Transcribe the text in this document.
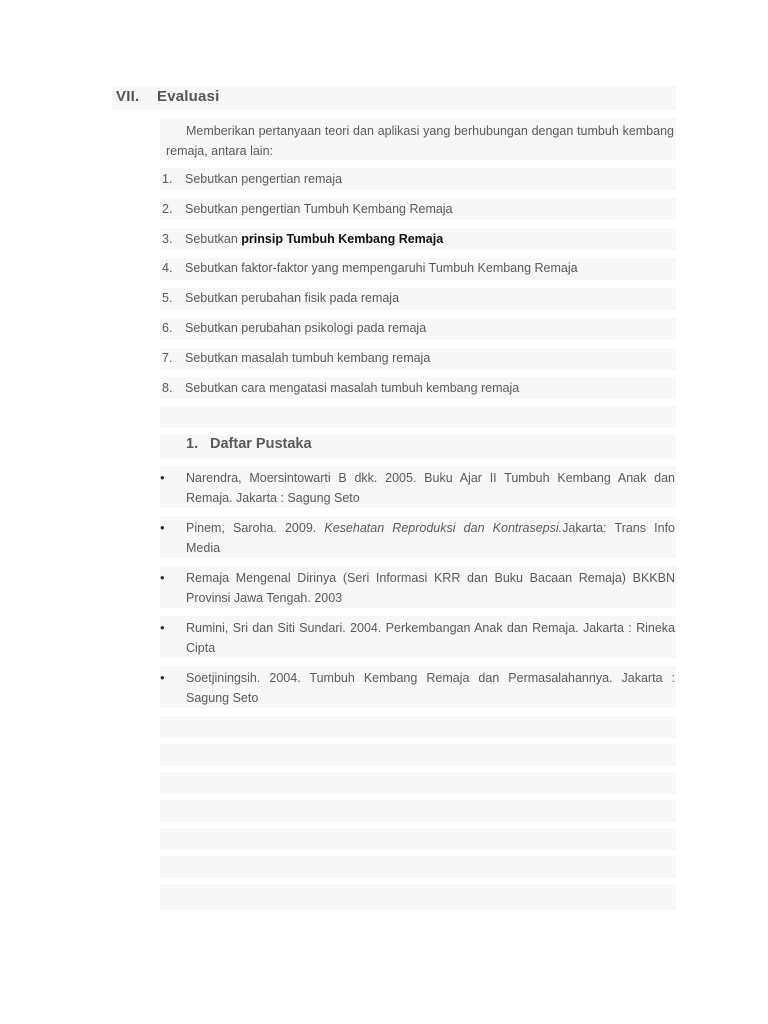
VII. Evaluasi
Memberikan pertanyaan teori dan aplikasi yang berhubungan dengan tumbuh kembang remaja, antara lain:
1.	Sebutkan pengertian remaja
2.	Sebutkan pengertian Tumbuh Kembang Remaja
3.	Sebutkan prinsip Tumbuh Kembang Remaja
4.	Sebutkan faktor-faktor yang mempengaruhi Tumbuh Kembang Remaja
5.	Sebutkan perubahan fisik pada remaja
6.	Sebutkan perubahan psikologi pada remaja
7.	Sebutkan masalah tumbuh kembang remaja
8.	Sebutkan cara mengatasi masalah tumbuh kembang remaja
1. Daftar Pustaka
•	Narendra, Moersintowarti B dkk. 2005. Buku Ajar II Tumbuh Kembang Anak dan
Remaja. Jakarta : Sagung Seto
•	Pinem, Saroha. 2009. Kesehatan Reproduksi dan Kontrasepsi.Jakarta: Trans Info
Media
•	Remaja Mengenal Dirinya (Seri Informasi KRR dan Buku Bacaan Remaja) BKKBN
Provinsi Jawa Tengah. 2003
•	Rumini, Sri dan Siti Sundari. 2004. Perkembangan Anak dan Remaja. Jakarta : Rineka
Cipta
•	Soetjiningsih. 2004. Tumbuh Kembang Remaja dan Permasalahannya. Jakarta :
Sagung Seto
